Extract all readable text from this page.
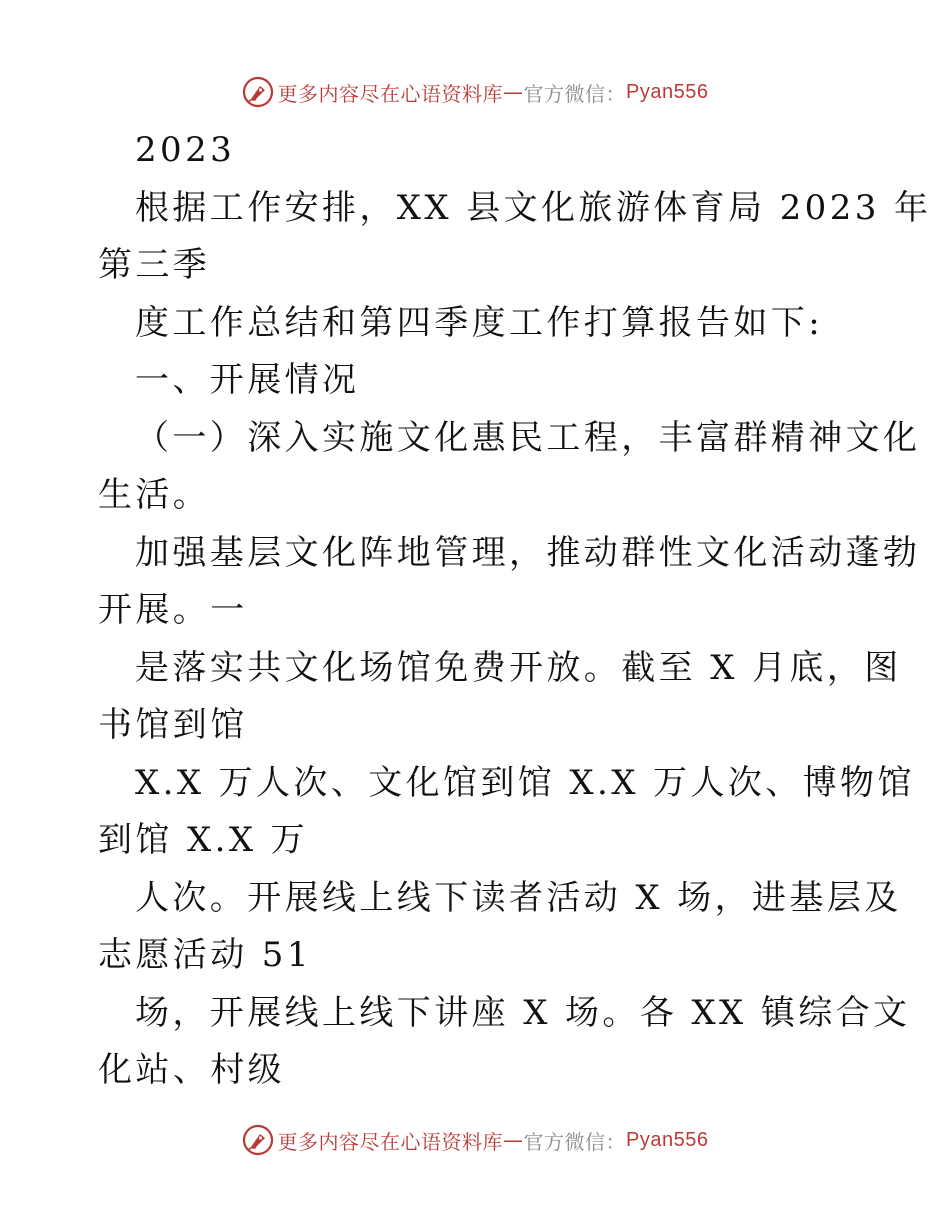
更多内容尽在心语资料库 — 官方微信： Pyan556
2023
根据工作安排，XX 县文化旅游体育局 2023 年
第三季
度工作总结和第四季度工作打算报告如下:
一、开展情况
（一）深入实施文化惠民工程，丰富群精神文化
生活。
加强基层文化阵地管理，推动群性文化活动蓬勃
开展。一
是落实共文化场馆免费开放。截至 X 月底，图
书馆到馆
X.X 万人次、文化馆到馆 X.X 万人次、博物馆
到馆 X.X 万
人次。开展线上线下读者活动 X 场，进基层及
志愿活动 51
场，开展线上线下讲座 X 场。各 XX 镇综合文
化站、村级
更多内容尽在心语资料库 — 官方微信： Pyan556
